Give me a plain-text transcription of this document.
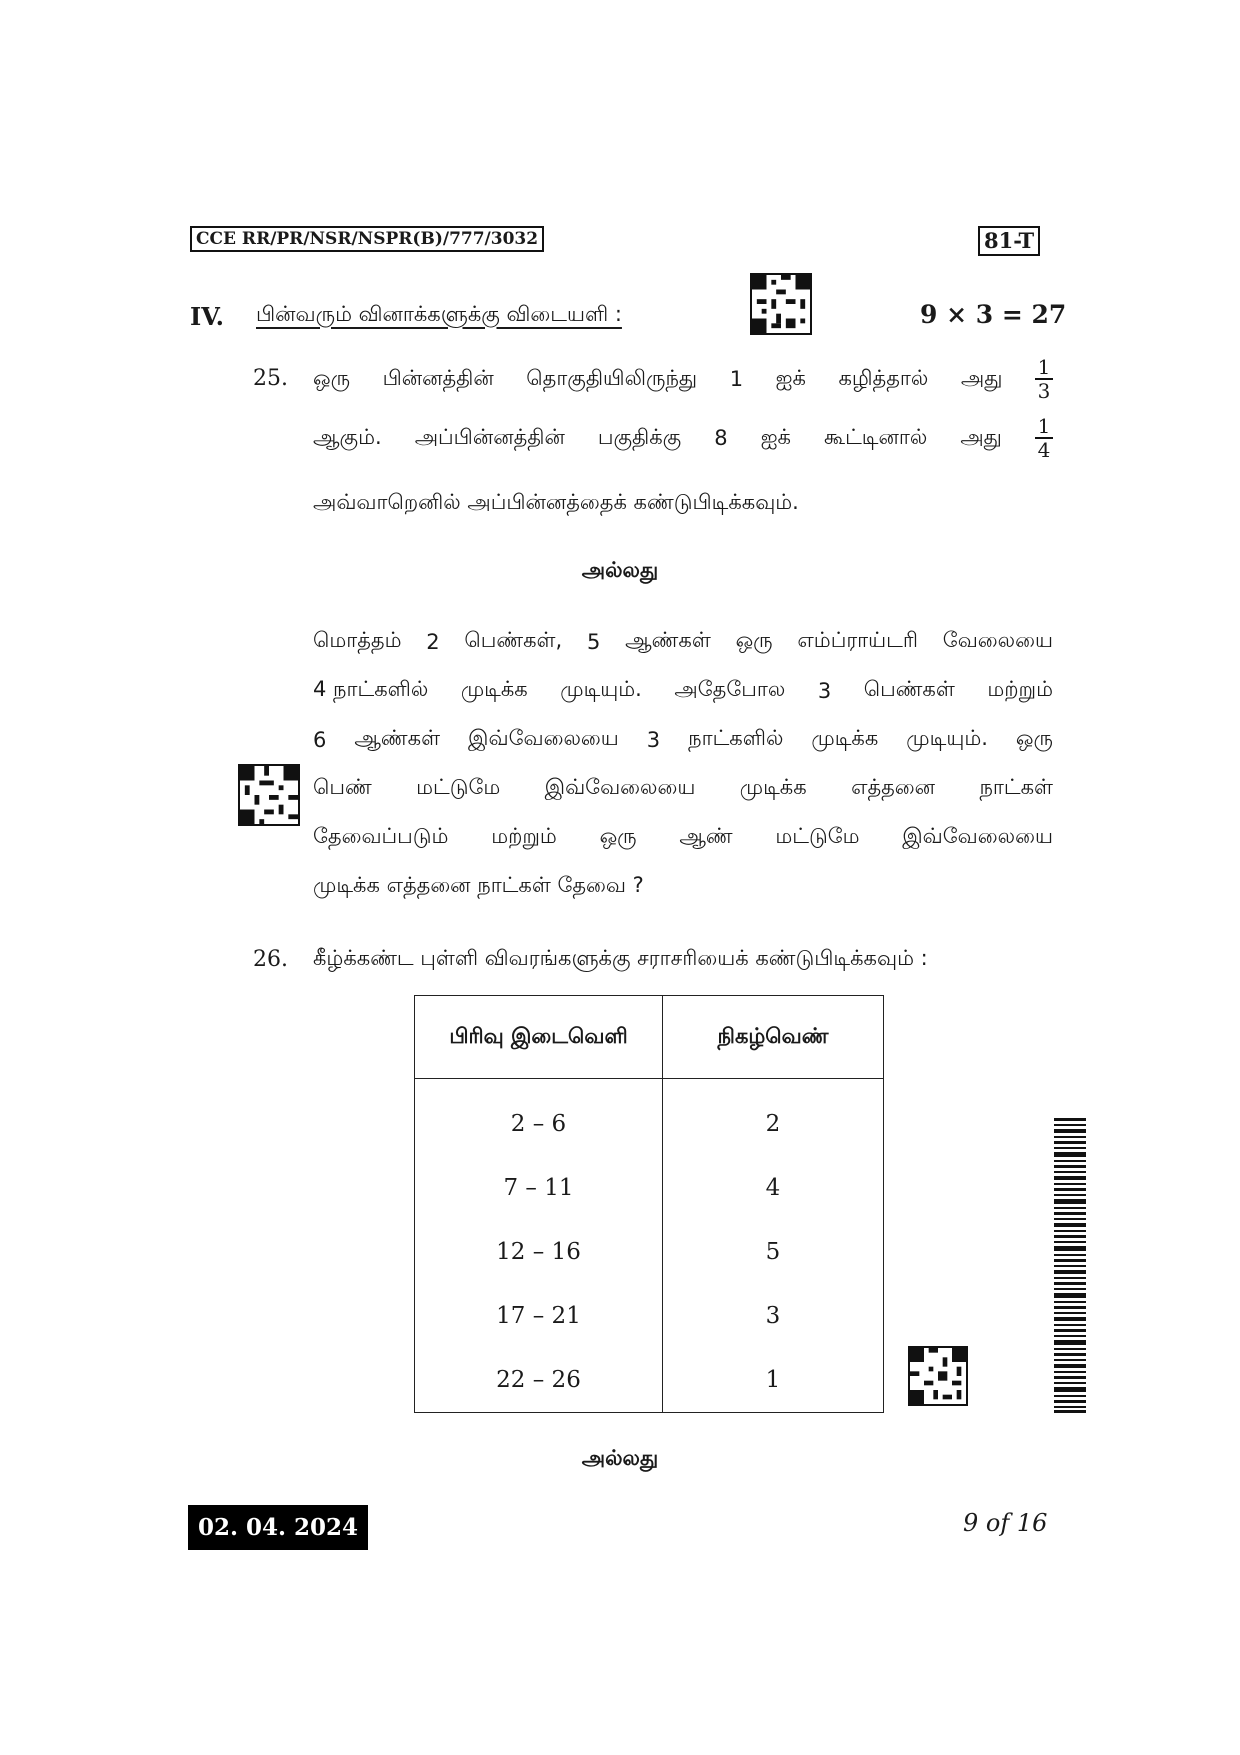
CCE RR/PR/NSR/NSPR(B)/777/3032	81-T
IV. பின்வரும் வினாக்களுக்கு விடையளி :	9 × 3 = 27
25. ஒரு பின்னத்தின் தொகுதியிலிருந்து 1 ஐக் கழித்தால் அது $\frac{1}{3}$
ஆகும். அப்பின்னத்தின் பகுதிக்கு 8 ஐக் கூட்டினால் அது $\frac{1}{4}$
அவ்வாறெனில் அப்பின்னத்தைக் கண்டுபிடிக்கவும்.
அல்லது
மொத்தம் 2 பெண்கள், 5 ஆண்கள் ஒரு எம்ப்ராய்டரி வேலையை
4 நாட்களில் முடிக்க முடியும். அதேபோல 3 பெண்கள் மற்றும்
6 ஆண்கள் இவ்வேலையை 3 நாட்களில் முடிக்க முடியும். ஒரு
பெண் மட்டுமே இவ்வேலையை முடிக்க எத்தனை நாட்கள்
தேவைப்படும் மற்றும் ஒரு ஆண் மட்டுமே இவ்வேலையை
முடிக்க எத்தனை நாட்கள் தேவை ?
26. கீழ்க்கண்ட புள்ளி விவரங்களுக்கு சராசரியைக் கண்டுபிடிக்கவும் :
பிரிவு இடைவெளி	நிகழ்வெண்
2 – 6	2
7 – 11	4
12 – 16	5
17 – 21	3
22 – 26	1
அல்லது
02. 04. 2024	9 of 16
